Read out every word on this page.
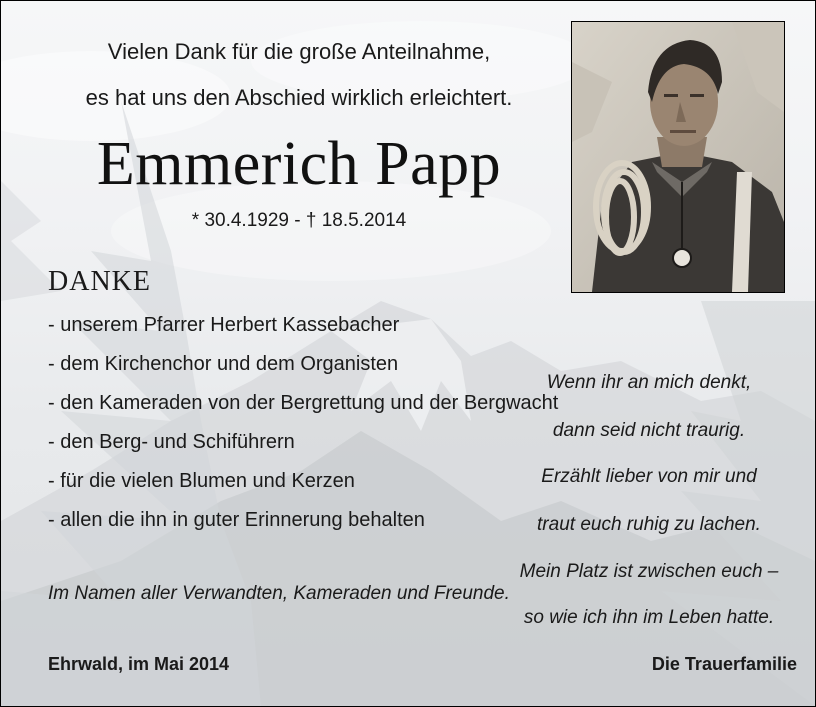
Vielen Dank für die große Anteilnahme,
es hat uns den Abschied wirklich erleichtert.
Emmerich Papp
* 30.4.1929 - † 18.5.2014
DANKE
- unserem Pfarrer Herbert Kassebacher
- dem Kirchenchor und dem Organisten
- den Kameraden von der Bergrettung und der Bergwacht
- den Berg- und Schiführern
- für die vielen Blumen und Kerzen
- allen die ihn in guter Erinnerung behalten
Im Namen aller Verwandten, Kameraden und Freunde.
Wenn ihr an mich denkt,
dann seid nicht traurig.
Erzählt lieber von mir und
traut euch ruhig zu lachen.
Mein Platz ist zwischen euch –
so wie ich ihn im Leben hatte.
Ehrwald, im Mai 2014	Die Trauerfamilie
